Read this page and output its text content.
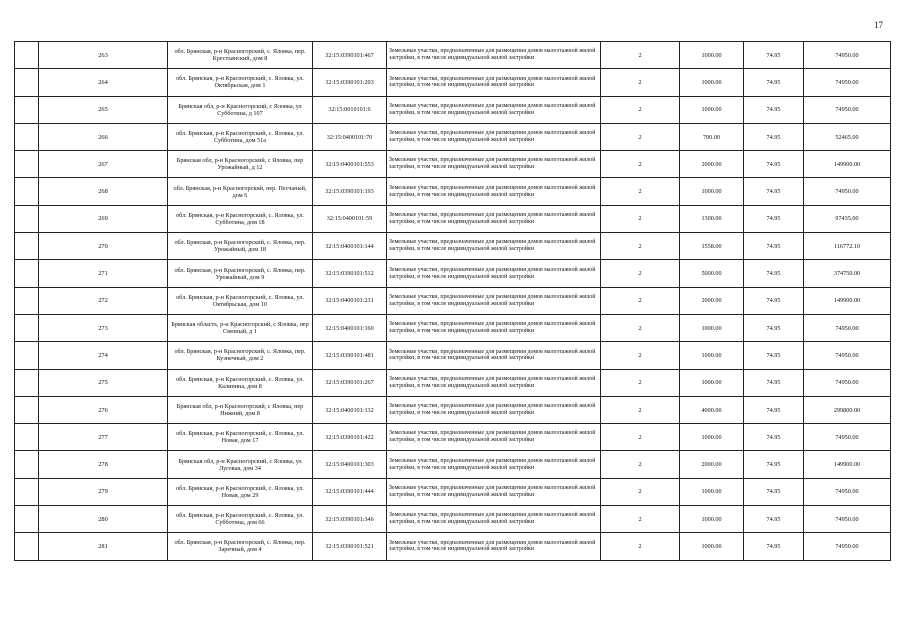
17
	263	обл. Брянская, р-н Красногорский, с. Яловка, пер. Крестьянский, дом 8	32:15:0390101:467	Земельные участки, предназначенные для размещения домов малоэтажной жилой застройки, в том числе индивидуальной жилой застройки	2	1000.00	74.95	74950.00
	264	обл. Брянская, р-н Красногорский, с. Яловка, ул. Октябрьская, дом 1	32:15:0390101:203	Земельные участки, предназначенные для размещения домов малоэтажной жилой застройки, в том числе индивидуальной жилой застройки	2	1000.00	74.95	74950.00
	265	Брянская обл, р-н Красногорский, с Яловка, ул Субботина, д 107	32:15:0010101:6	Земельные участки, предназначенные для размещения домов малоэтажной жилой застройки, в том числе индивидуальной жилой застройки	2	1000.00	74.95	74950.00
	266	обл. Брянская, р-н Красногорский, с. Яловка, ул. Субботина, дом 51а	32:15:0400101:70	Земельные участки, предназначенные для размещения домов малоэтажной жилой застройки, в том числе индивидуальной жилой застройки	2	700.00	74.95	52465.00
	267	Брянская обл, р-н Красногорский, с Яловка, пер Урожайный, д 12	32:15:0400101:553	Земельные участки, предназначенные для размещения домов малоэтажной жилой застройки, в том числе индивидуальной жилой застройки	2	2000.00	74.95	149900.00
	268	обл. Брянская, р-н Красногорский, пер. Песчаный, дом 6	32:15:0390101:193	Земельные участки, предназначенные для размещения домов малоэтажной жилой застройки, в том числе индивидуальной жилой застройки	2	1000.00	74.95	74950.00
	269	обл. Брянская, р-н Красногорский, с. Яловка, ул. Субботина, дом 18	32:15:0400101:59	Земельные участки, предназначенные для размещения домов малоэтажной жилой застройки, в том числе индивидуальной жилой застройки	2	1300.00	74.95	97435.00
	270	обл. Брянская, р-н Красногорский, с. Яловка, пер. Урожайный, дом 18	32:15:0400101:144	Земельные участки, предназначенные для размещения домов малоэтажной жилой застройки, в том числе индивидуальной жилой застройки	2	1558.00	74.95	116772.10
	271	обл. Брянская, р-н Красногорский, с. Яловка, пер. Урожайный, дом 9	32:15:0390101:512	Земельные участки, предназначенные для размещения домов малоэтажной жилой застройки, в том числе индивидуальной жилой застройки	2	5000.00	74.95	374750.00
	272	обл. Брянская, р-н Красногорский, с. Яловка, ул. Октябрьская, дом 10	32:15:0400101:231	Земельные участки, предназначенные для размещения домов малоэтажной жилой застройки, в том числе индивидуальной жилой застройки	2	2000.00	74.95	149900.00
	273	Брянская область, р-н Красногорский, с Яловка, пер Связный, д 1	32:15:0400101:160	Земельные участки, предназначенные для размещения домов малоэтажной жилой застройки, в том числе индивидуальной жилой застройки	2	1000.00	74.95	74950.00
	274	обл. Брянская, р-н Красногорский, с. Яловка, пер. Кузнечный, дом 2	32:15:0390101:481	Земельные участки, предназначенные для размещения домов малоэтажной жилой застройки, в том числе индивидуальной жилой застройки	2	1000.00	74.95	74950.00
	275	обл. Брянская, р-н Красногорский, с. Яловка, ул. Калинина, дом 8	32:15:0390101:267	Земельные участки, предназначенные для размещения домов малоэтажной жилой застройки, в том числе индивидуальной жилой застройки	2	1000.00	74.95	74950.00
	276	Брянская обл, р-н Красногорский, с Яловка, пер Нижний, дом 8	32:15:0400101:132	Земельные участки, предназначенные для размещения домов малоэтажной жилой застройки, в том числе индивидуальной жилой застройки	2	4000.00	74.95	299800.00
	277	обл. Брянская, р-н Красногорский, с. Яловка, ул. Новая, дом 17	32:15:0390101:422	Земельные участки, предназначенные для размещения домов малоэтажной жилой застройки, в том числе индивидуальной жилой застройки	2	1000.00	74.95	74950.00
	278	Брянская обл, р-н Красногорский, с Яловка, ул Луговая, дом 34	32:15:0400101:303	Земельные участки, предназначенные для размещения домов малоэтажной жилой застройки, в том числе индивидуальной жилой застройки	2	2000.00	74.95	149900.00
	279	обл. Брянская, р-н Красногорский, с. Яловка, ул. Новая, дом 29	32:15:0390101:444	Земельные участки, предназначенные для размещения домов малоэтажной жилой застройки, в том числе индивидуальной жилой застройки	2	1000.00	74.95	74950.00
	280	обл. Брянская, р-н Красногорский, с. Яловка, ул. Субботина, дом 66	32:15:0390101:346	Земельные участки, предназначенные для размещения домов малоэтажной жилой застройки, в том числе индивидуальной жилой застройки	2	1000.00	74.95	74950.00
	281	обл. Брянская, р-н Красногорский, с. Яловка, пер. Заречный, дом 4	32:15:0390101:521	Земельные участки, предназначенные для размещения домов малоэтажной жилой застройки, в том числе индивидуальной жилой застройки	2	1000.00	74.95	74950.00
